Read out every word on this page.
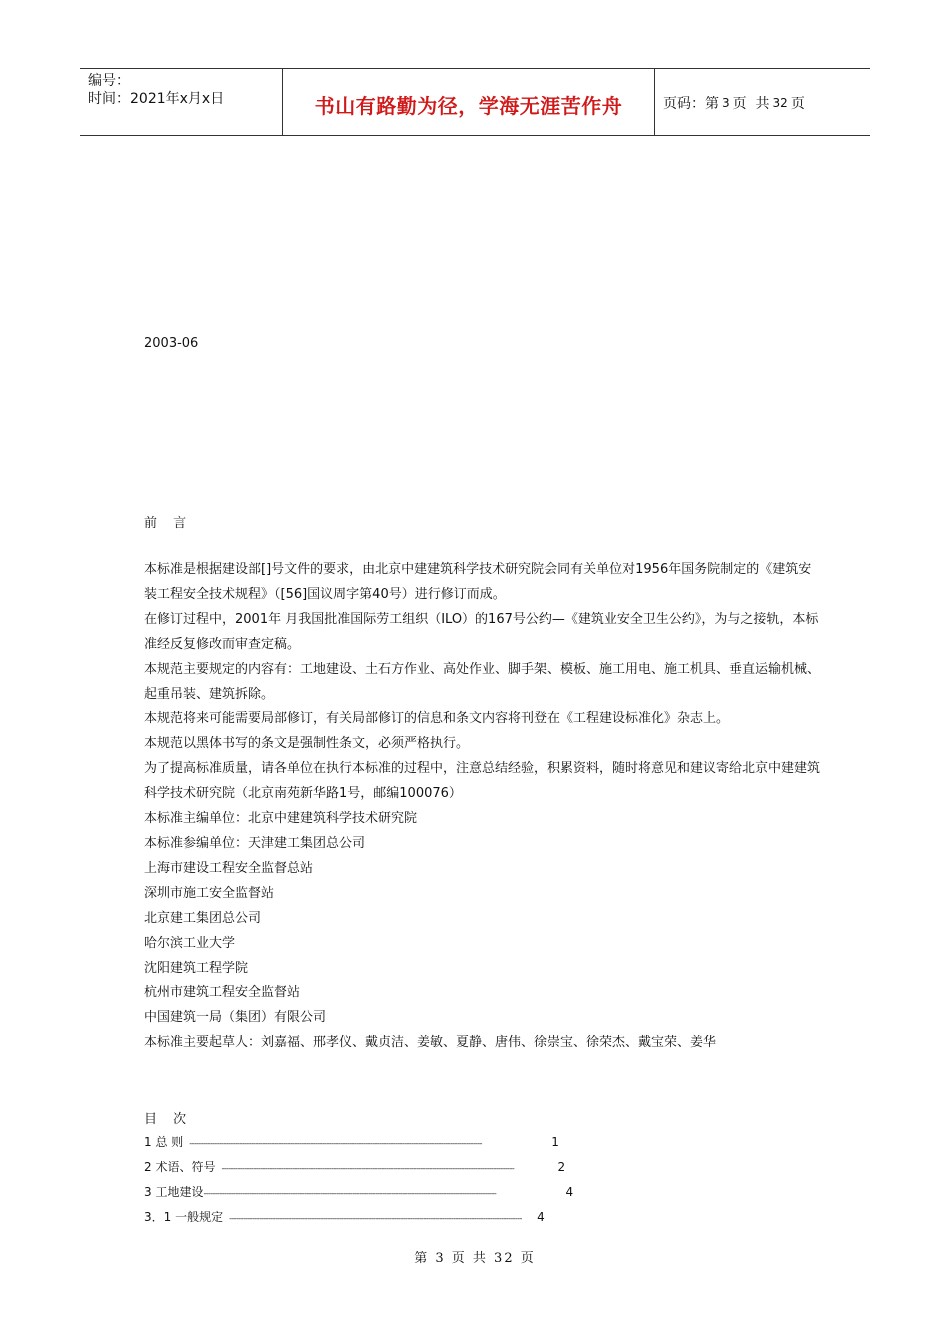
编号：
时间：2021年x月x日	书山有路勤为径，学海无涯苦作舟	页码：第 3 页  共 32 页
2003-06
前 言

本标准是根据建设部[]号文件的要求，由北京中建建筑科学技术研究院会同有关单位对1956年国务院制定的《建筑安装工程安全技术规程》（[56]国议周字第40号）进行修订而成。

在修订过程中，2001年 月我国批准国际劳工组织（ILO）的167号公约—《建筑业安全卫生公约》，为与之接轨，本标准经反复修改而审查定稿。

本规范主要规定的内容有：工地建设、土石方作业、高处作业、脚手架、模板、施工用电、施工机具、垂直运输机械、起重吊装、建筑拆除。

本规范将来可能需要局部修订，有关局部修订的信息和条文内容将刊登在《工程建设标准化》杂志上。

本规范以黑体书写的条文是强制性条文，必须严格执行。

为了提高标准质量，请各单位在执行本标准的过程中，注意总结经验，积累资料，随时将意见和建议寄给北京中建建筑科学技术研究院（北京南苑新华路1号，邮编100076）

本标准主编单位：北京中建建筑科学技术研究院

本标准参编单位：天津建工集团总公司

上海市建设工程安全监督总站

深圳市施工安全监督站

北京建工集团总公司

哈尔滨工业大学

沈阳建筑工程学院

杭州市建筑工程安全监督站

中国建筑一局（集团）有限公司

本标准主要起草人：刘嘉福、邢孝仪、戴贞洁、姜敏、夏静、唐伟、徐崇宝、徐荣杰、戴宝荣、姜华

目 次
1 总 则 --------------------------------------------------------------------------------------------------------------------------------	1
2 术语、符号 --------------------------------------------------------------------------------------------------------------------------------	2
3 工地建设 --------------------------------------------------------------------------------------------------------------------------------	4
3．1 一般规定 --------------------------------------------------------------------------------------------------------------------------------	4
第 3 页 共 32 页
